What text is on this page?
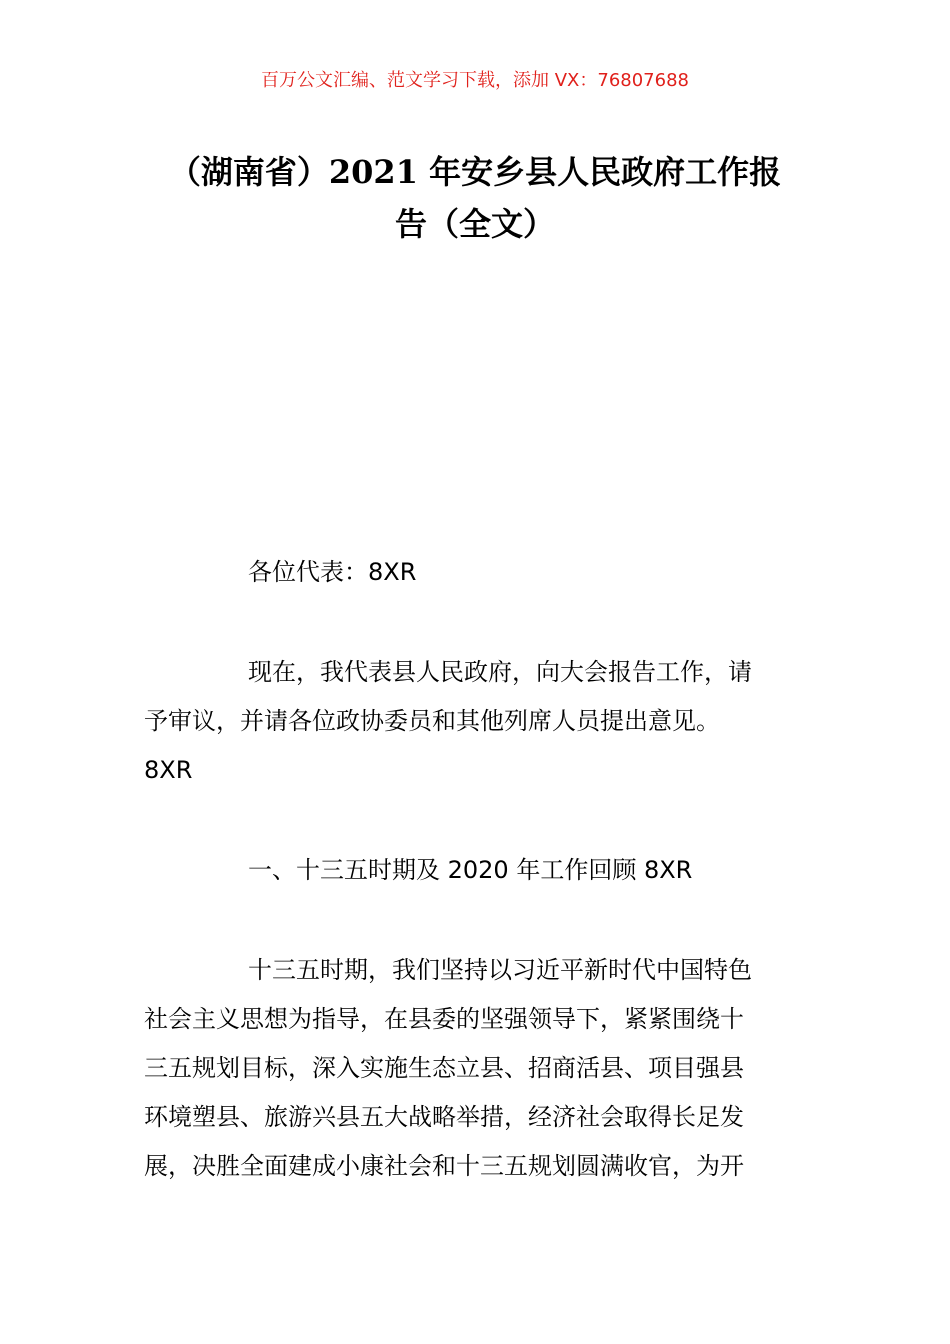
百万公文汇编、范文学习下载，添加 VX：76807688
（湖南省）2021 年安乡县人民政府工作报
告（全文）

各位代表：8XR

现在，我代表县人民政府，向大会报告工作，请
予审议，并请各位政协委员和其他列席人员提出意见。
8XR

一、十三五时期及 2020 年工作回顾 8XR

十三五时期，我们坚持以习近平新时代中国特色
社会主义思想为指导，在县委的坚强领导下，紧紧围绕十
三五规划目标，深入实施生态立县、招商活县、项目强县
环境塑县、旅游兴县五大战略举措，经济社会取得长足发
展，决胜全面建成小康社会和十三五规划圆满收官，为开
